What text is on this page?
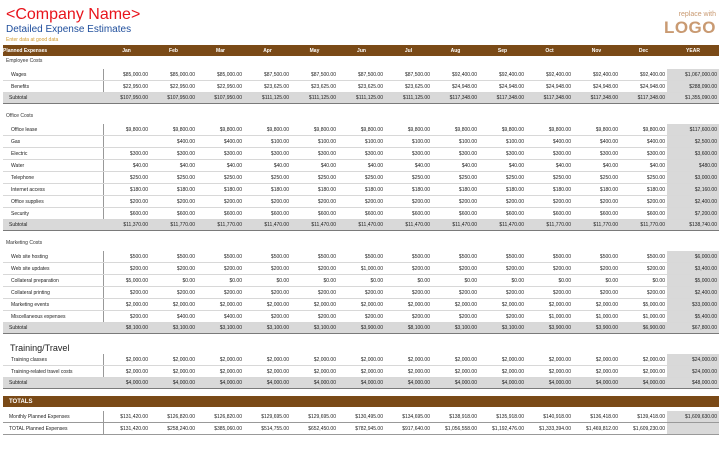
<Company Name>
Detailed Expense Estimates
Enter data at good data
replace with
LOGO
Planned Expenses	Jan	Feb	Mar	Apr	May	Jun	Jul	Aug	Sep	Oct	Nov	Dec	YEAR
Employee Costs													

Wages	$85,000.00	$85,000.00	$85,000.00	$87,500.00	$87,500.00	$87,500.00	$87,500.00	$92,400.00	$92,400.00	$92,400.00	$92,400.00	$92,400.00	$1,067,000.00
Benefits	$22,950.00	$22,950.00	$22,950.00	$23,625.00	$23,625.00	$23,625.00	$23,625.00	$24,948.00	$24,948.00	$24,948.00	$24,948.00	$24,948.00	$288,090.00
Subtotal	$107,950.00	$107,950.00	$107,950.00	$111,125.00	$111,125.00	$111,125.00	$111,125.00	$117,348.00	$117,348.00	$117,348.00	$117,348.00	$117,348.00	$1,355,090.00

Office Costs													

Office lease	$9,800.00	$9,800.00	$9,800.00	$9,800.00	$9,800.00	$9,800.00	$9,800.00	$9,800.00	$9,800.00	$9,800.00	$9,800.00	$9,800.00	$117,600.00
Gas		$400.00	$400.00	$100.00	$100.00	$100.00	$100.00	$100.00	$100.00	$400.00	$400.00	$400.00	$2,500.00
Electric	$300.00	$300.00	$300.00	$300.00	$300.00	$300.00	$300.00	$300.00	$300.00	$300.00	$300.00	$300.00	$3,600.00
Water	$40.00	$40.00	$40.00	$40.00	$40.00	$40.00	$40.00	$40.00	$40.00	$40.00	$40.00	$40.00	$480.00
Telephone	$250.00	$250.00	$250.00	$250.00	$250.00	$250.00	$250.00	$250.00	$250.00	$250.00	$250.00	$250.00	$3,000.00
Internet access	$180.00	$180.00	$180.00	$180.00	$180.00	$180.00	$180.00	$180.00	$180.00	$180.00	$180.00	$180.00	$2,160.00
Office supplies	$200.00	$200.00	$200.00	$200.00	$200.00	$200.00	$200.00	$200.00	$200.00	$200.00	$200.00	$200.00	$2,400.00
Security	$600.00	$600.00	$600.00	$600.00	$600.00	$600.00	$600.00	$600.00	$600.00	$600.00	$600.00	$600.00	$7,200.00
Subtotal	$11,370.00	$11,770.00	$11,770.00	$11,470.00	$11,470.00	$11,470.00	$11,470.00	$11,470.00	$11,470.00	$11,770.00	$11,770.00	$11,770.00	$138,740.00

Marketing Costs													

Web site hosting	$500.00	$500.00	$500.00	$500.00	$500.00	$500.00	$500.00	$500.00	$500.00	$500.00	$500.00	$500.00	$6,000.00
Web site updates	$200.00	$200.00	$200.00	$200.00	$200.00	$1,000.00	$200.00	$200.00	$200.00	$200.00	$200.00	$200.00	$3,400.00
Collateral preparation	$5,000.00	$0.00	$0.00	$0.00	$0.00	$0.00	$0.00	$0.00	$0.00	$0.00	$0.00	$0.00	$5,000.00
Collateral printing	$200.00	$200.00	$200.00	$200.00	$200.00	$200.00	$200.00	$200.00	$200.00	$200.00	$200.00	$200.00	$2,400.00
Marketing events	$2,000.00	$2,000.00	$2,000.00	$2,000.00	$2,000.00	$2,000.00	$2,000.00	$2,000.00	$2,000.00	$2,000.00	$2,000.00	$5,000.00	$33,000.00
Miscellaneous expenses	$200.00	$400.00	$400.00	$200.00	$200.00	$200.00	$200.00	$200.00	$200.00	$1,000.00	$1,000.00	$1,000.00	$5,400.00
Subtotal	$8,100.00	$3,100.00	$3,100.00	$3,100.00	$3,100.00	$3,900.00	$8,100.00	$3,100.00	$3,100.00	$3,900.00	$3,900.00	$6,900.00	$67,800.00

Training/Travel													
Training classes	$2,000.00	$2,000.00	$2,000.00	$2,000.00	$2,000.00	$2,000.00	$2,000.00	$2,000.00	$2,000.00	$2,000.00	$2,000.00	$2,000.00	$24,000.00
Training-related travel costs	$2,000.00	$2,000.00	$2,000.00	$2,000.00	$2,000.00	$2,000.00	$2,000.00	$2,000.00	$2,000.00	$2,000.00	$2,000.00	$2,000.00	$24,000.00
Subtotal	$4,000.00	$4,000.00	$4,000.00	$4,000.00	$4,000.00	$4,000.00	$4,000.00	$4,000.00	$4,000.00	$4,000.00	$4,000.00	$4,000.00	$48,000.00

TOTALS													

Monthly Planned Expenses	$131,420.00	$126,820.00	$126,820.00	$129,695.00	$129,695.00	$130,495.00	$134,695.00	$138,918.00	$135,918.00	$140,918.00	$136,418.00	$139,418.00	$1,609,630.00
TOTAL Planned Expenses	$131,420.00	$258,240.00	$385,060.00	$514,755.00	$652,450.00	$782,945.00	$917,640.00	$1,056,558.00	$1,192,476.00	$1,333,394.00	$1,469,812.00	$1,609,230.00	
